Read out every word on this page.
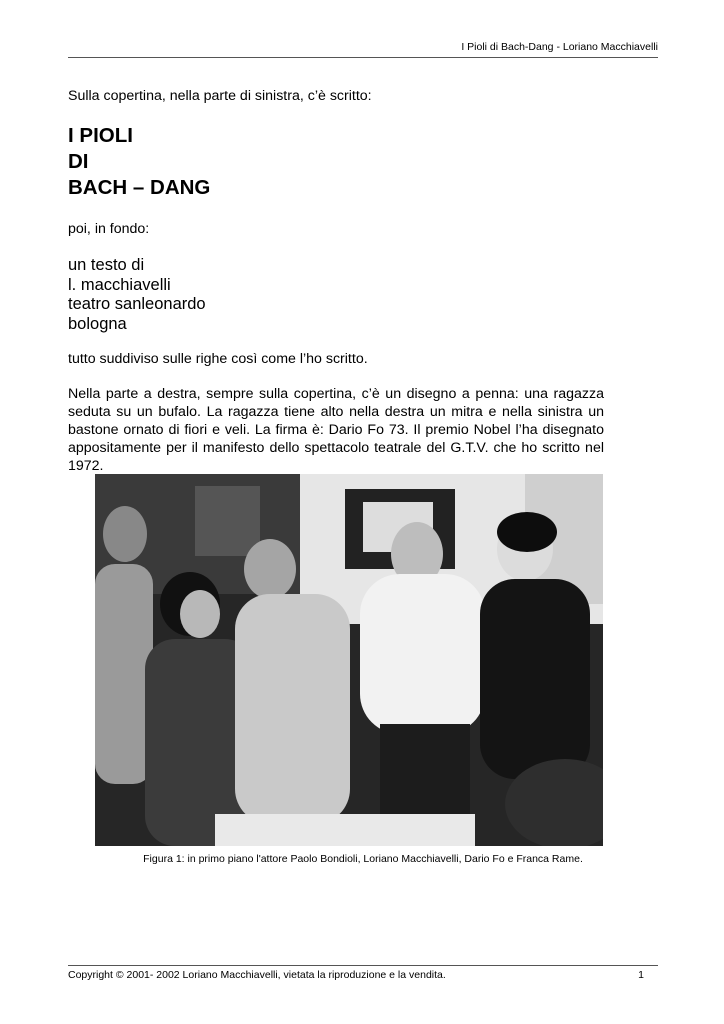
I Pioli di Bach-Dang - Loriano Macchiavelli

Sulla copertina, nella parte di sinistra, c’è scritto:

I PIOLI
DI
BACH – DANG

poi, in fondo:

un testo di
l. macchiavelli
teatro sanleonardo
bologna

tutto suddiviso sulle righe così come l’ho scritto.

Nella parte a destra, sempre sulla copertina, c’è un disegno a penna: una ragazza seduta su un bufalo. La ragazza tiene alto nella destra un mitra e nella sinistra un bastone ornato di fiori e veli. La firma è: Dario Fo 73. Il premio Nobel l’ha disegnato appositamente per il manifesto dello spettacolo teatrale del G.T.V. che ho scritto nel 1972.

Figura 1: in primo piano l'attore Paolo Bondioli, Loriano Macchiavelli, Dario Fo e Franca Rame.
Copyright © 2001- 2002 Loriano Macchiavelli, vietata la riproduzione e la vendita.	1
